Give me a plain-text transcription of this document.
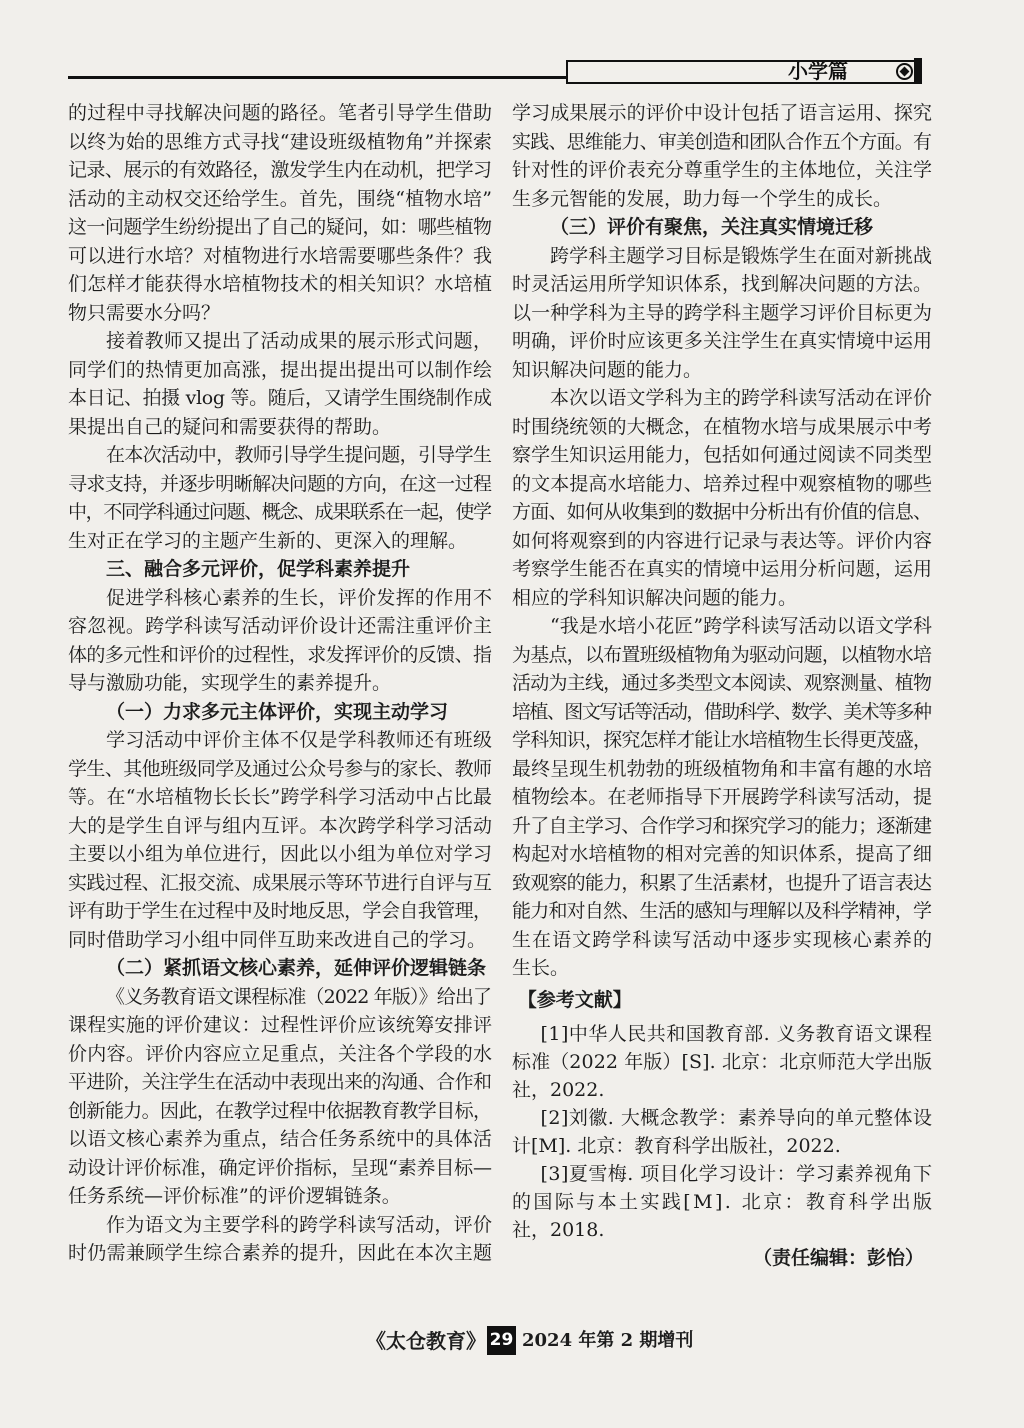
小学篇
的过程中寻找解决问题的路径。笔者引导学生借助
以终为始的思维方式寻找“建设班级植物角”并探索
记录、展示的有效路径，激发学生内在动机，把学习
活动的主动权交还给学生。首先，围绕“植物水培”
这一问题学生纷纷提出了自己的疑问，如：哪些植物
可以进行水培？对植物进行水培需要哪些条件？我
们怎样才能获得水培植物技术的相关知识？水培植
物只需要水分吗？
接着教师又提出了活动成果的展示形式问题，
同学们的热情更加高涨，提出提出提出可以制作绘
本日记、拍摄 vlog 等。随后，又请学生围绕制作成
果提出自己的疑问和需要获得的帮助。
在本次活动中，教师引导学生提问题，引导学生
寻求支持，并逐步明晰解决问题的方向，在这一过程
中，不同学科通过问题、概念、成果联系在一起，使学
生对正在学习的主题产生新的、更深入的理解。
三、融合多元评价，促学科素养提升
促进学科核心素养的生长，评价发挥的作用不
容忽视。跨学科读写活动评价设计还需注重评价主
体的多元性和评价的过程性，求发挥评价的反馈、指
导与激励功能，实现学生的素养提升。
（一）力求多元主体评价，实现主动学习
学习活动中评价主体不仅是学科教师还有班级
学生、其他班级同学及通过公众号参与的家长、教师
等。在“水培植物长长长”跨学科学习活动中占比最
大的是学生自评与组内互评。本次跨学科学习活动
主要以小组为单位进行，因此以小组为单位对学习
实践过程、汇报交流、成果展示等环节进行自评与互
评有助于学生在过程中及时地反思，学会自我管理，
同时借助学习小组中同伴互助来改进自己的学习。
（二）紧抓语文核心素养，延伸评价逻辑链条
《义务教育语文课程标准（2022 年版）》给出了
课程实施的评价建议：过程性评价应该统筹安排评
价内容。评价内容应立足重点，关注各个学段的水
平进阶，关注学生在活动中表现出来的沟通、合作和
创新能力。因此，在教学过程中依据教育教学目标，
以语文核心素养为重点，结合任务系统中的具体活
动设计评价标准，确定评价指标，呈现“素养目标—
任务系统—评价标准”的评价逻辑链条。
作为语文为主要学科的跨学科读写活动，评价
时仍需兼顾学生综合素养的提升，因此在本次主题
学习成果展示的评价中设计包括了语言运用、探究
实践、思维能力、审美创造和团队合作五个方面。有
针对性的评价表充分尊重学生的主体地位，关注学
生多元智能的发展，助力每一个学生的成长。
（三）评价有聚焦，关注真实情境迁移
跨学科主题学习目标是锻炼学生在面对新挑战
时灵活运用所学知识体系，找到解决问题的方法。
以一种学科为主导的跨学科主题学习评价目标更为
明确，评价时应该更多关注学生在真实情境中运用
知识解决问题的能力。
本次以语文学科为主的跨学科读写活动在评价
时围绕统领的大概念，在植物水培与成果展示中考
察学生知识运用能力，包括如何通过阅读不同类型
的文本提高水培能力、培养过程中观察植物的哪些
方面、如何从收集到的数据中分析出有价值的信息、
如何将观察到的内容进行记录与表达等。评价内容
考察学生能否在真实的情境中运用分析问题，运用
相应的学科知识解决问题的能力。
“我是水培小花匠”跨学科读写活动以语文学科
为基点，以布置班级植物角为驱动问题，以植物水培
活动为主线，通过多类型文本阅读、观察测量、植物
培植、图文写话等活动，借助科学、数学、美术等多种
学科知识，探究怎样才能让水培植物生长得更茂盛，
最终呈现生机勃勃的班级植物角和丰富有趣的水培
植物绘本。在老师指导下开展跨学科读写活动，提
升了自主学习、合作学习和探究学习的能力；逐渐建
构起对水培植物的相对完善的知识体系，提高了细
致观察的能力，积累了生活素材，也提升了语言表达
能力和对自然、生活的感知与理解以及科学精神，学
生在语文跨学科读写活动中逐步实现核心素养的
生长。
【参考文献】
[1]中华人民共和国教育部. 义务教育语文课程
标准（2022 年版）[S]. 北京：北京师范大学出版
社，2022.
[2]刘徽. 大概念教学：素养导向的单元整体设
计[M]. 北京：教育科学出版社，2022.
[3]夏雪梅. 项目化学习设计：学习素养视角下
的国际与本土实践[M]. 北京：教育科学出版
社，2018.
（责任编辑：彭怡）
《太仓教育》 29 2024 年第 2 期增刊
